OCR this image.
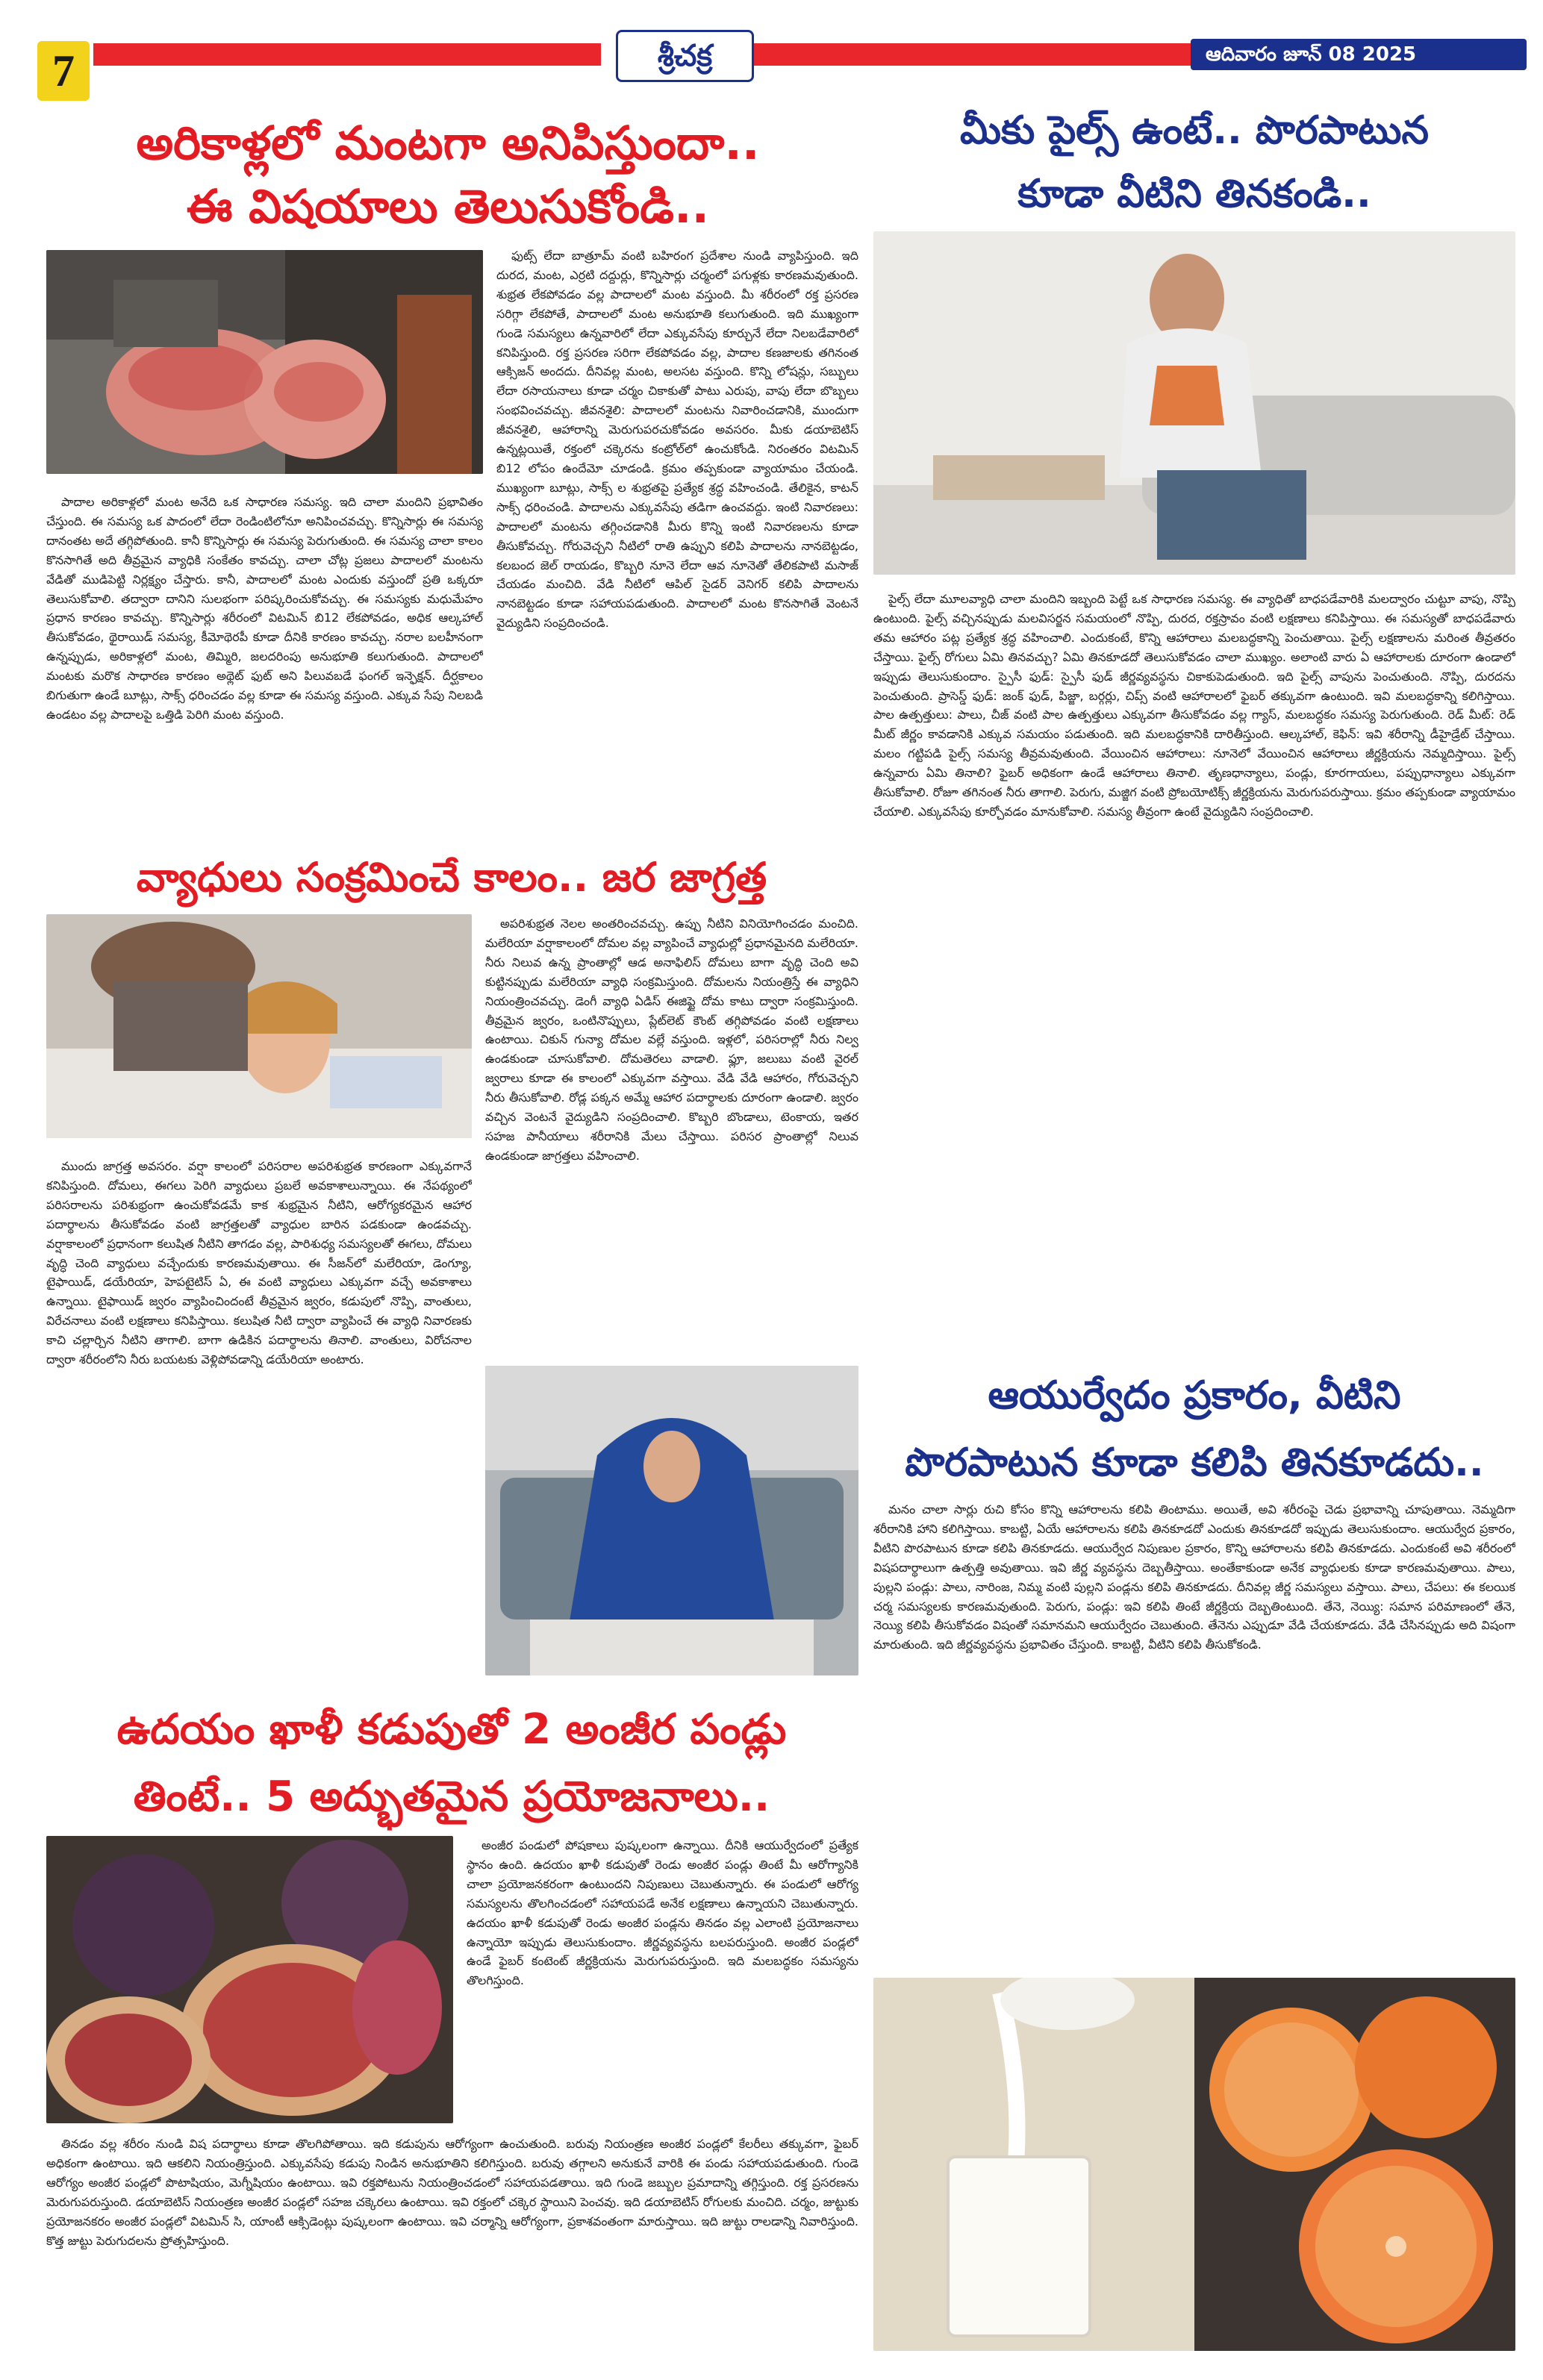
7	శ్రీచక్ర	ఆదివారం జూన్ 08 2025
అరికాళ్లలో మంటగా అనిపిస్తుందా..
ఈ విషయాలు తెలుసుకోండి..

పాదాల అరికాళ్లలో మంట అనేది ఒక సాధారణ సమస్య. ఇది చాలా మందిని ప్రభావితం చేస్తుంది. ఈ సమస్య ఒక పాదంలో లేదా రెండింటిలోనూ అనిపించవచ్చు. కొన్నిసార్లు ఈ సమస్య దానంతట అదే తగ్గిపోతుంది. కానీ కొన్నిసార్లు ఈ సమస్య పెరుగుతుంది. ఈ సమస్య చాలా కాలం కొనసాగితే అది తీవ్రమైన వ్యాధికి సంకేతం కావచ్చు. చాలా చోట్ల ప్రజలు పాదాలలో మంటను వేడితో ముడిపెట్టి నిర్లక్ష్యం చేస్తారు. కానీ, పాదాలలో మంట ఎందుకు వస్తుందో ప్రతి ఒక్కరూ తెలుసుకోవాలి. తద్వారా దానిని సులభంగా పరిష్కరించుకోవచ్చు. ఈ సమస్యకు మధుమేహం ప్రధాన కారణం కావచ్చు. కొన్నిసార్లు శరీరంలో విటమిన్ బి12 లేకపోవడం, అధిక ఆల్కహాల్ తీసుకోవడం, థైరాయిడ్ సమస్య, కీమోథెరపీ కూడా దీనికి కారణం కావచ్చు. నరాల బలహీనంగా ఉన్నప్పుడు, అరికాళ్లలో మంట, తిమ్మిరి, జలదరింపు అనుభూతి కలుగుతుంది. పాదాలలో మంటకు మరొక సాధారణ కారణం అథ్లెట్ ఫుట్ అని పిలువబడే ఫంగల్ ఇన్ఫెక్షన్. దీర్ఘకాలం బిగుతుగా ఉండే బూట్లు, సాక్స్ ధరించడం వల్ల కూడా ఈ సమస్య వస్తుంది. ఎక్కువ సేపు నిలబడి ఉండటం వల్ల పాదాలపై ఒత్తిడి పెరిగి మంట వస్తుంది.

ఫుట్స్ లేదా బాత్రూమ్ వంటి బహిరంగ ప్రదేశాల నుండి వ్యాపిస్తుంది. ఇది దురద, మంట, ఎర్రటి దద్దుర్లు, కొన్నిసార్లు చర్మంలో పగుళ్లకు కారణమవుతుంది. శుభ్రత లేకపోవడం వల్ల పాదాలలో మంట వస్తుంది. మీ శరీరంలో రక్త ప్రసరణ సరిగ్గా లేకపోతే, పాదాలలో మంట అనుభూతి కలుగుతుంది. ఇది ముఖ్యంగా గుండె సమస్యలు ఉన్నవారిలో లేదా ఎక్కువసేపు కూర్చునే లేదా నిలబడేవారిలో కనిపిస్తుంది. రక్త ప్రసరణ సరిగా లేకపోవడం వల్ల, పాదాల కణజాలకు తగినంత ఆక్సిజన్ అందదు. దీనివల్ల మంట, అలసట వస్తుంది. కొన్ని లోషన్లు, సబ్బులు లేదా రసాయనాలు కూడా చర్మం చికాకుతో పాటు ఎరుపు, వాపు లేదా బొబ్బలు సంభవించవచ్చు. జీవనశైలి: పాదాలలో మంటను నివారించడానికి, ముందుగా జీవనశైలి, ఆహారాన్ని మెరుగుపరచుకోవడం అవసరం. మీకు డయాబెటిస్ ఉన్నట్లయితే, రక్తంలో చక్కెరను కంట్రోల్‌లో ఉంచుకోండి. నిరంతరం విటమిన్ బి12 లోపం ఉందేమో చూడండి. క్రమం తప్పకుండా వ్యాయామం చేయండి. ముఖ్యంగా బూట్లు, సాక్స్ ల శుభ్రతపై ప్రత్యేక శ్రద్ధ వహించండి. తేలికైన, కాటన్ సాక్స్ ధరించండి. పాదాలను ఎక్కువసేపు తడిగా ఉంచవద్దు. ఇంటి నివారణలు: పాదాలలో మంటను తగ్గించడానికి మీరు కొన్ని ఇంటి నివారణలను కూడా తీసుకోవచ్చు. గోరువెచ్చని నీటిలో రాతి ఉప్పుని కలిపి పాదాలను నానబెట్టడం, కలబంద జెల్ రాయడం, కొబ్బరి నూనె లేదా ఆవ నూనెతో తేలికపాటి మసాజ్ చేయడం మంచిది. వేడి నీటిలో ఆపిల్ సైడర్ వెనిగర్ కలిపి పాదాలను నానబెట్టడం కూడా సహాయపడుతుంది. పాదాలలో మంట కొనసాగితే వెంటనే వైద్యుడిని సంప్రదించండి.

వ్యాధులు సంక్రమించే కాలం.. జర జాగ్రత్త

ముందు జాగ్రత్త అవసరం. వర్షా కాలంలో పరిసరాల అపరిశుభ్రత కారణంగా ఎక్కువగానే కనిపిస్తుంది. దోమలు, ఈగలు పెరిగి వ్యాధులు ప్రబలే అవకాశాలున్నాయి. ఈ నేపథ్యంలో పరిసరాలను పరిశుభ్రంగా ఉంచుకోవడమే కాక శుభ్రమైన నీటిని, ఆరోగ్యకరమైన ఆహార పదార్థాలను తీసుకోవడం వంటి జాగ్రత్తలతో వ్యాధుల బారిన పడకుండా ఉండవచ్చు. వర్షాకాలంలో ప్రధానంగా కలుషిత నీటిని తాగడం వల్ల, పారిశుధ్య సమస్యలతో ఈగలు, దోమలు వృద్ధి చెంది వ్యాధులు వచ్చేందుకు కారణమవుతాయి. ఈ సీజన్‌లో మలేరియా, డెంగ్యూ, టైఫాయిడ్, డయేరియా, హెపటైటిస్ ఏ, ఈ వంటి వ్యాధులు ఎక్కువగా వచ్చే అవకాశాలు ఉన్నాయి. టైఫాయిడ్ జ్వరం వ్యాపించిందంటే తీవ్రమైన జ్వరం, కడుపులో నొప్పి, వాంతులు, విరేచనాలు వంటి లక్షణాలు కనిపిస్తాయి. కలుషిత నీటి ద్వారా వ్యాపించే ఈ వ్యాధి నివారణకు కాచి చల్లార్చిన నీటిని తాగాలి. బాగా ఉడికిన పదార్థాలను తినాలి. వాంతులు, విరోచనాల ద్వారా శరీరంలోని నీరు బయటకు వెళ్లిపోవడాన్ని డయేరియా అంటారు.

అపరిశుభ్రత నెలల అంతరించవచ్చు. ఉప్పు నీటిని వినియోగించడం మంచిది. మలేరియా వర్షాకాలంలో దోమల వల్ల వ్యాపించే వ్యాధుల్లో ప్రధానమైనది మలేరియా. నీరు నిలువ ఉన్న ప్రాంతాల్లో ఆడ అనాఫిలిస్ దోమలు బాగా వృద్ధి చెంది అవి కుట్టినప్పుడు మలేరియా వ్యాధి సంక్రమిస్తుంది. దోమలను నియంత్రిస్తే ఈ వ్యాధిని నియంత్రించవచ్చు. డెంగీ వ్యాధి ఏడిస్ ఈజిప్టై దోమ కాటు ద్వారా సంక్రమిస్తుంది. తీవ్రమైన జ్వరం, ఒంటినొప్పులు, ప్లేట్‌లెట్ కౌంట్ తగ్గిపోవడం వంటి లక్షణాలు ఉంటాయి. చికున్ గున్యా దోమల వల్లే వస్తుంది. ఇళ్లలో, పరిసరాల్లో నీరు నిల్వ ఉండకుండా చూసుకోవాలి. దోమతెరలు వాడాలి. ఫ్లూ, జలుబు వంటి వైరల్ జ్వరాలు కూడా ఈ కాలంలో ఎక్కువగా వస్తాయి. వేడి వేడి ఆహారం, గోరువెచ్చని నీరు తీసుకోవాలి. రోడ్ల పక్కన అమ్మే ఆహార పదార్థాలకు దూరంగా ఉండాలి. జ్వరం వచ్చిన వెంటనే వైద్యుడిని సంప్రదించాలి. కొబ్బరి బొండాలు, టెంకాయ, ఇతర సహజ పానీయాలు శరీరానికి మేలు చేస్తాయి. పరిసర ప్రాంతాల్లో నిలువ ఉండకుండా జాగ్రత్తలు వహించాలి.

ఉదయం ఖాళీ కడుపుతో 2 అంజీర పండ్లు
తింటే.. 5 అద్భుతమైన ప్రయోజనాలు..

అంజీర పండులో పోషకాలు పుష్కలంగా ఉన్నాయి. దీనికి ఆయుర్వేదంలో ప్రత్యేక స్థానం ఉంది. ఉదయం ఖాళీ కడుపుతో రెండు అంజీర పండ్లు తింటే మీ ఆరోగ్యానికి చాలా ప్రయోజనకరంగా ఉంటుందని నిపుణులు చెబుతున్నారు. ఈ పండులో ఆరోగ్య సమస్యలను తొలగించడంలో సహాయపడే అనేక లక్షణాలు ఉన్నాయని చెబుతున్నారు. ఉదయం ఖాళీ కడుపుతో రెండు అంజీర పండ్లను తినడం వల్ల ఎలాంటి ప్రయోజనాలు ఉన్నాయో ఇప్పుడు తెలుసుకుందాం. జీర్ణవ్యవస్థను బలపరుస్తుంది. అంజీర పండ్లలో ఉండే ఫైబర్ కంటెంట్ జీర్ణక్రియను మెరుగుపరుస్తుంది. ఇది మలబద్ధకం సమస్యను తొలగిస్తుంది.

తినడం వల్ల శరీరం నుండి విష పదార్థాలు కూడా తొలగిపోతాయి. ఇది కడుపును ఆరోగ్యంగా ఉంచుతుంది. బరువు నియంత్రణ అంజీర పండ్లలో కేలరీలు తక్కువగా, ఫైబర్ అధికంగా ఉంటాయి. ఇది ఆకలిని నియంత్రిస్తుంది. ఎక్కువసేపు కడుపు నిండిన అనుభూతిని కలిగిస్తుంది. బరువు తగ్గాలని అనుకునే వారికి ఈ పండు సహాయపడుతుంది. గుండె ఆరోగ్యం అంజీర పండ్లలో పొటాషియం, మెగ్నీషియం ఉంటాయి. ఇవి రక్తపోటును నియంత్రించడంలో సహాయపడతాయి. ఇది గుండె జబ్బుల ప్రమాదాన్ని తగ్గిస్తుంది. రక్త ప్రసరణను మెరుగుపరుస్తుంది. డయాబెటిస్ నియంత్రణ అంజీర పండ్లలో సహజ చక్కెరలు ఉంటాయి. ఇవి రక్తంలో చక్కెర స్థాయిని పెంచవు. ఇది డయాబెటిస్ రోగులకు మంచిది. చర్మం, జుట్టుకు ప్రయోజనకరం అంజీర పండ్లలో విటమిన్ సి, యాంటీ ఆక్సిడెంట్లు పుష్కలంగా ఉంటాయి. ఇవి చర్మాన్ని ఆరోగ్యంగా, ప్రకాశవంతంగా మారుస్తాయి. ఇది జుట్టు రాలడాన్ని నివారిస్తుంది. కొత్త జుట్టు పెరుగుదలను ప్రోత్సహిస్తుంది.

మీకు పైల్స్ ఉంటే.. పొరపాటున
కూడా వీటిని తినకండి..

పైల్స్ లేదా మూలవ్యాధి చాలా మందిని ఇబ్బంది పెట్టే ఒక సాధారణ సమస్య. ఈ వ్యాధితో బాధపడేవారికి మలద్వారం చుట్టూ వాపు, నొప్పి ఉంటుంది. పైల్స్ వచ్చినప్పుడు మలవిసర్జన సమయంలో నొప్పి, దురద, రక్తస్రావం వంటి లక్షణాలు కనిపిస్తాయి. ఈ సమస్యతో బాధపడేవారు తమ ఆహారం పట్ల ప్రత్యేక శ్రద్ధ వహించాలి. ఎందుకంటే, కొన్ని ఆహారాలు మలబద్ధకాన్ని పెంచుతాయి. పైల్స్ లక్షణాలను మరింత తీవ్రతరం చేస్తాయి. పైల్స్ రోగులు ఏమి తినవచ్చు? ఏమి తినకూడదో తెలుసుకోవడం చాలా ముఖ్యం. అలాంటి వారు ఏ ఆహారాలకు దూరంగా ఉండాలో ఇప్పుడు తెలుసుకుందాం. స్పైసీ ఫుడ్: స్పైసీ ఫుడ్ జీర్ణవ్యవస్థను చికాకుపెడుతుంది. ఇది పైల్స్ వాపును పెంచుతుంది. నొప్పి, దురదను పెంచుతుంది. ప్రాసెస్డ్ ఫుడ్: జంక్ ఫుడ్, పిజ్జా, బర్గర్లు, చిప్స్ వంటి ఆహారాలలో ఫైబర్ తక్కువగా ఉంటుంది. ఇవి మలబద్ధకాన్ని కలిగిస్తాయి. పాల ఉత్పత్తులు: పాలు, చీజ్ వంటి పాల ఉత్పత్తులు ఎక్కువగా తీసుకోవడం వల్ల గ్యాస్, మలబద్ధకం సమస్య పెరుగుతుంది. రెడ్ మీట్: రెడ్ మీట్ జీర్ణం కావడానికి ఎక్కువ సమయం పడుతుంది. ఇది మలబద్ధకానికి దారితీస్తుంది. ఆల్కహాల్, కెఫిన్: ఇవి శరీరాన్ని డీహైడ్రేట్ చేస్తాయి. మలం గట్టిపడి పైల్స్ సమస్య తీవ్రమవుతుంది. వేయించిన ఆహారాలు: నూనెలో వేయించిన ఆహారాలు జీర్ణక్రియను నెమ్మదిస్తాయి. పైల్స్ ఉన్నవారు ఏమి తినాలి? ఫైబర్ అధికంగా ఉండే ఆహారాలు తినాలి. తృణధాన్యాలు, పండ్లు, కూరగాయలు, పప్పుధాన్యాలు ఎక్కువగా తీసుకోవాలి. రోజూ తగినంత నీరు తాగాలి. పెరుగు, మజ్జిగ వంటి ప్రోబయోటిక్స్ జీర్ణక్రియను మెరుగుపరుస్తాయి. క్రమం తప్పకుండా వ్యాయామం చేయాలి. ఎక్కువసేపు కూర్చోవడం మానుకోవాలి. సమస్య తీవ్రంగా ఉంటే వైద్యుడిని సంప్రదించాలి.

ఆయుర్వేదం ప్రకారం, వీటిని
పొరపాటున కూడా కలిపి తినకూడదు..

మనం చాలా సార్లు రుచి కోసం కొన్ని ఆహారాలను కలిపి తింటాము. అయితే, అవి శరీరంపై చెడు ప్రభావాన్ని చూపుతాయి. నెమ్మదిగా శరీరానికి హాని కలిగిస్తాయి. కాబట్టి, ఏయే ఆహారాలను కలిపి తినకూడదో ఎందుకు తినకూడదో ఇప్పుడు తెలుసుకుందాం. ఆయుర్వేద ప్రకారం, వీటిని పొరపాటున కూడా కలిపి తినకూడదు. ఆయుర్వేద నిపుణుల ప్రకారం, కొన్ని ఆహారాలను కలిపి తినకూడదు. ఎందుకంటే అవి శరీరంలో విషపదార్థాలుగా ఉత్పత్తి అవుతాయి. ఇవి జీర్ణ వ్యవస్థను దెబ్బతీస్తాయి. అంతేకాకుండా అనేక వ్యాధులకు కూడా కారణమవుతాయి. పాలు, పుల్లని పండ్లు: పాలు, నారింజ, నిమ్మ వంటి పుల్లని పండ్లను కలిపి తినకూడదు. దీనివల్ల జీర్ణ సమస్యలు వస్తాయి. పాలు, చేపలు: ఈ కలయిక చర్మ సమస్యలకు కారణమవుతుంది. పెరుగు, పండ్లు: ఇవి కలిపి తింటే జీర్ణక్రియ దెబ్బతింటుంది. తేనె, నెయ్యి: సమాన పరిమాణంలో తేనె, నెయ్యి కలిపి తీసుకోవడం విషంతో సమానమని ఆయుర్వేదం చెబుతుంది. తేనెను ఎప్పుడూ వేడి చేయకూడదు. వేడి చేసినప్పుడు అది విషంగా మారుతుంది. ఇది జీర్ణవ్యవస్థను ప్రభావితం చేస్తుంది. కాబట్టి, వీటిని కలిపి తీసుకోకండి.
